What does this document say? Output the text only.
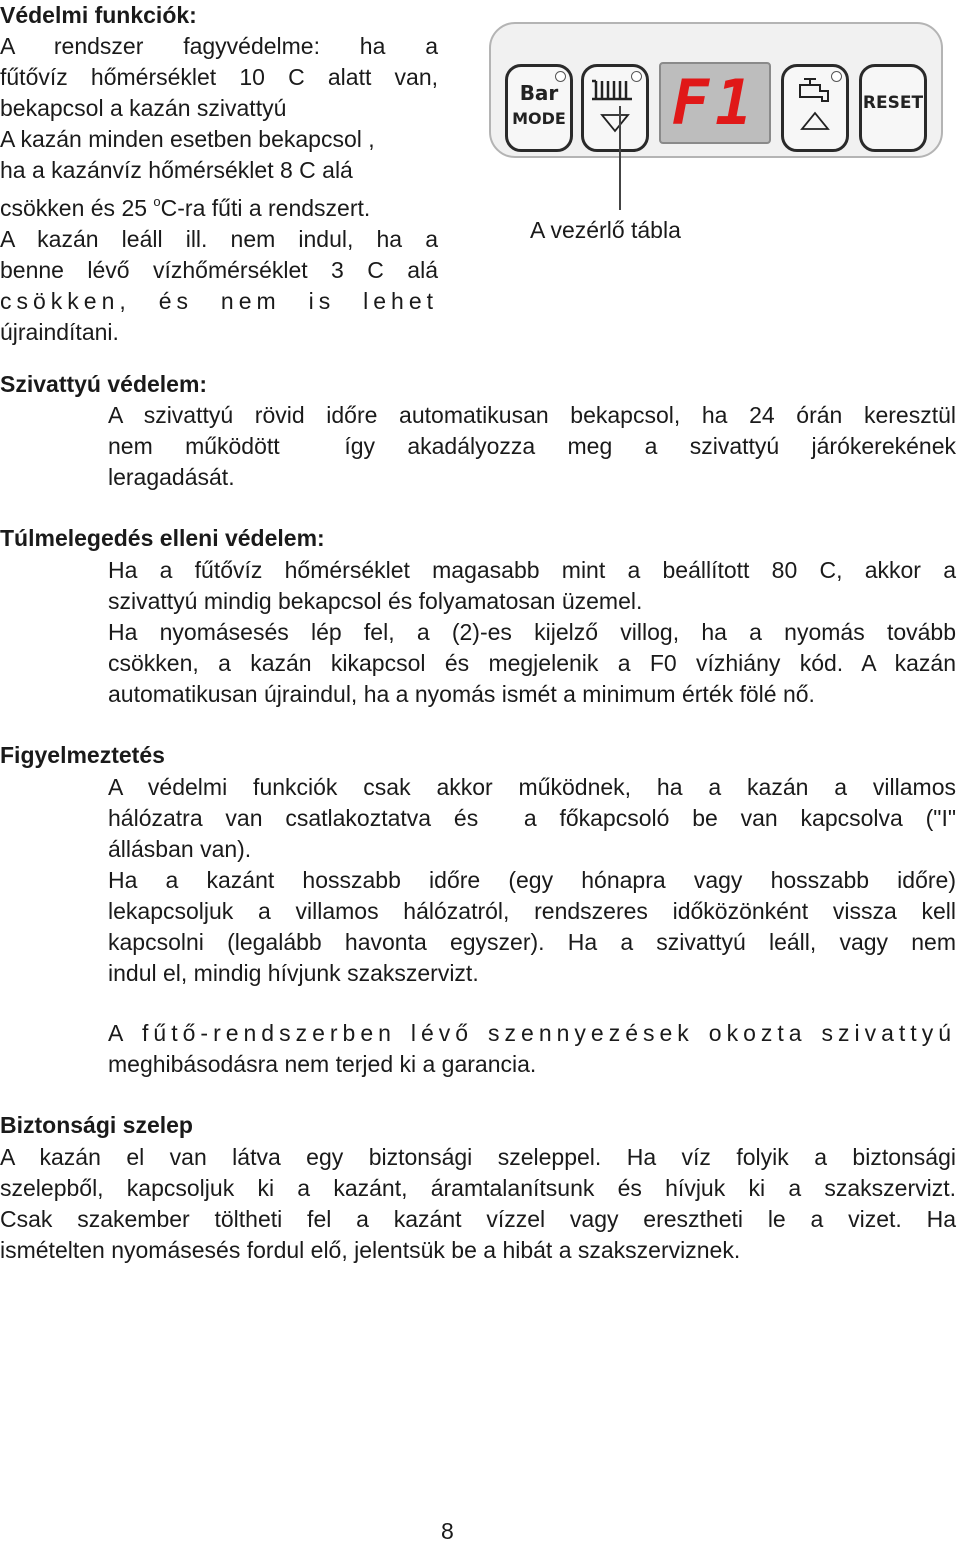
Védelmi funkciók:

A rendszer fagyvédelme: ha a
fűtővíz hőmérséklet 10 C alatt van,
bekapcsol a kazán szivattyú
A kazán minden esetben bekapcsol ,
ha a kazánvíz hőmérséklet 8 C alá
csökken és 25 $^o$C-ra fűti a rendszert.
A kazán leáll ill. nem indul, ha a
benne lévő vízhőmérséklet 3 C alá
csökken, és nem is lehet
újraindítani.
Bar
MODE F1	RESET
A vezérlő tábla

Szivattyú védelem:

A szivattyú rövid időre automatikusan bekapcsol, ha 24 órán keresztül
nem működött  így akadályozza meg a szivattyú járókerekének
leragadását.

Túlmelegedés elleni védelem:

Ha a fűtővíz hőmérséklet magasabb mint a beállított 80 C, akkor a
szivattyú mindig bekapcsol és folyamatosan üzemel.
Ha nyomásesés lép fel, a (2)-es kijelző villog, ha a nyomás tovább
csökken, a kazán kikapcsol és megjelenik a F0 vízhiány kód. A kazán
automatikusan újraindul, ha a nyomás ismét a minimum érték fölé nő.

Figyelmeztetés

A védelmi funkciók csak akkor működnek, ha a kazán a villamos
hálózatra van csatlakoztatva és  a főkapcsoló be van kapcsolva ("I"
állásban van).
Ha a kazánt hosszabb időre (egy hónapra vagy hosszabb időre)
lekapcsoljuk a villamos hálózatról, rendszeres időközönként vissza kell
kapcsolni (legalább havonta egyszer). Ha a szivattyú leáll, vagy nem
indul el, mindig hívjunk szakszervizt.
A fűtő-rendszerben lévő szennyezések okozta szivattyú
meghibásodásra nem terjed ki a garancia.

Biztonsági szelep

A kazán el van látva egy biztonsági szeleppel. Ha víz folyik a biztonsági
szelepből, kapcsoljuk ki a kazánt, áramtalanítsunk és hívjuk ki a szakszervizt.
Csak szakember töltheti fel a kazánt vízzel vagy eresztheti le a vizet. Ha
ismételten nyomásesés fordul elő, jelentsük be a hibát a szakszerviznek.
8
